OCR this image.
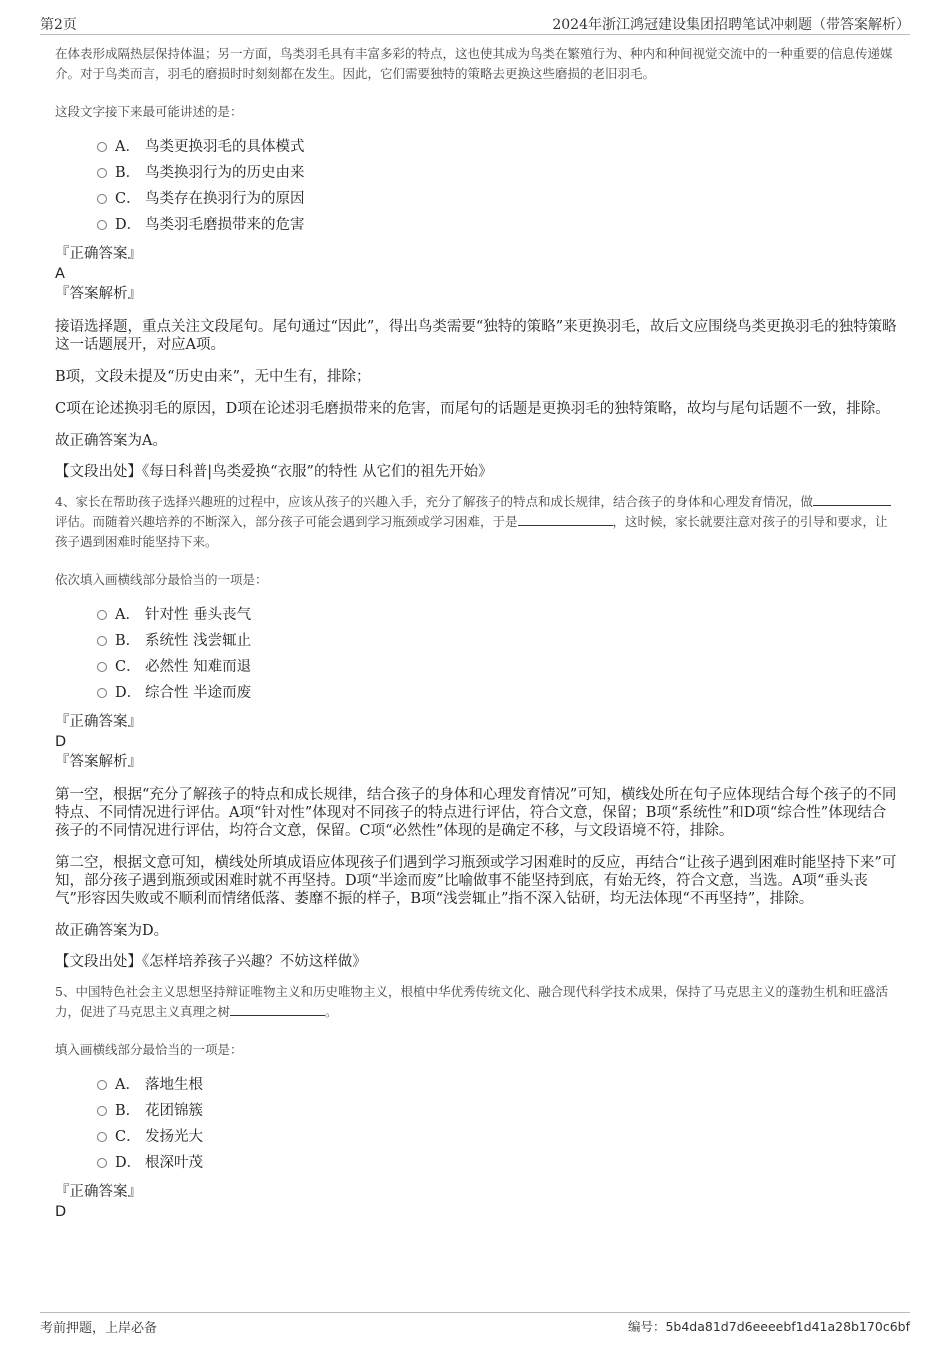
第2页	2024年浙江鸿冠建设集团招聘笔试冲刺题（带答案解析）

在体表形成隔热层保持体温；另一方面，鸟类羽毛具有丰富多彩的特点，这也使其成为鸟类在繁殖行为、种内和种间视觉交流中的一种重要的信息传递媒介。对于鸟类而言，羽毛的磨损时时刻刻都在发生。因此，它们需要独特的策略去更换这些磨损的老旧羽毛。

这段文字接下来最可能讲述的是：

A． 鸟类更换羽毛的具体模式
B． 鸟类换羽行为的历史由来
C． 鸟类存在换羽行为的原因
D． 鸟类羽毛磨损带来的危害

『正确答案』

A

『答案解析』

接语选择题，重点关注文段尾句。尾句通过“因此”，得出鸟类需要“独特的策略”来更换羽毛，故后文应围绕鸟类更换羽毛的独特策略这一话题展开，对应A项。

B项，文段未提及“历史由来”，无中生有，排除；

C项在论述换羽毛的原因，D项在论述羽毛磨损带来的危害，而尾句的话题是更换羽毛的独特策略，故均与尾句话题不一致，排除。

故正确答案为A。

【文段出处】《每日科普|鸟类爱换“衣服”的特性 从它们的祖先开始》

4、家长在帮助孩子选择兴趣班的过程中，应该从孩子的兴趣入手，充分了解孩子的特点和成长规律，结合孩子的身体和心理发育情况，做评估。而随着兴趣培养的不断深入，部分孩子可能会遇到学习瓶颈或学习困难，于是	，这时候，家长就要注意对孩子的引导和要求，让孩子遇到困难时能坚持下来。

依次填入画横线部分最恰当的一项是：

A． 针对性 垂头丧气
B． 系统性 浅尝辄止
C． 必然性 知难而退
D． 综合性 半途而废

『正确答案』

D

『答案解析』

第一空，根据“充分了解孩子的特点和成长规律，结合孩子的身体和心理发育情况”可知，横线处所在句子应体现结合每个孩子的不同特点、不同情况进行评估。A项“针对性”体现对不同孩子的特点进行评估，符合文意，保留；B项“系统性”和D项“综合性”体现结合孩子的不同情况进行评估，均符合文意，保留。C项“必然性”体现的是确定不移，与文段语境不符，排除。

第二空，根据文意可知，横线处所填成语应体现孩子们遇到学习瓶颈或学习困难时的反应，再结合“让孩子遇到困难时能坚持下来”可知，部分孩子遇到瓶颈或困难时就不再坚持。D项“半途而废”比喻做事不能坚持到底，有始无终，符合文意，当选。A项“垂头丧气”形容因失败或不顺利而情绪低落、萎靡不振的样子，B项“浅尝辄止”指不深入钻研，均无法体现“不再坚持”，排除。

故正确答案为D。

【文段出处】《怎样培养孩子兴趣？不妨这样做》

5、中国特色社会主义思想坚持辩证唯物主义和历史唯物主义，根植中华优秀传统文化、融合现代科学技术成果，保持了马克思主义的蓬勃生机和旺盛活力，促进了马克思主义真理之树	。

填入画横线部分最恰当的一项是：

A． 落地生根
B． 花团锦簇
C． 发扬光大
D． 根深叶茂

『正确答案』

D

考前押题，上岸必备	编号：5b4da81d7d6eeeebf1d41a28b170c6bf
